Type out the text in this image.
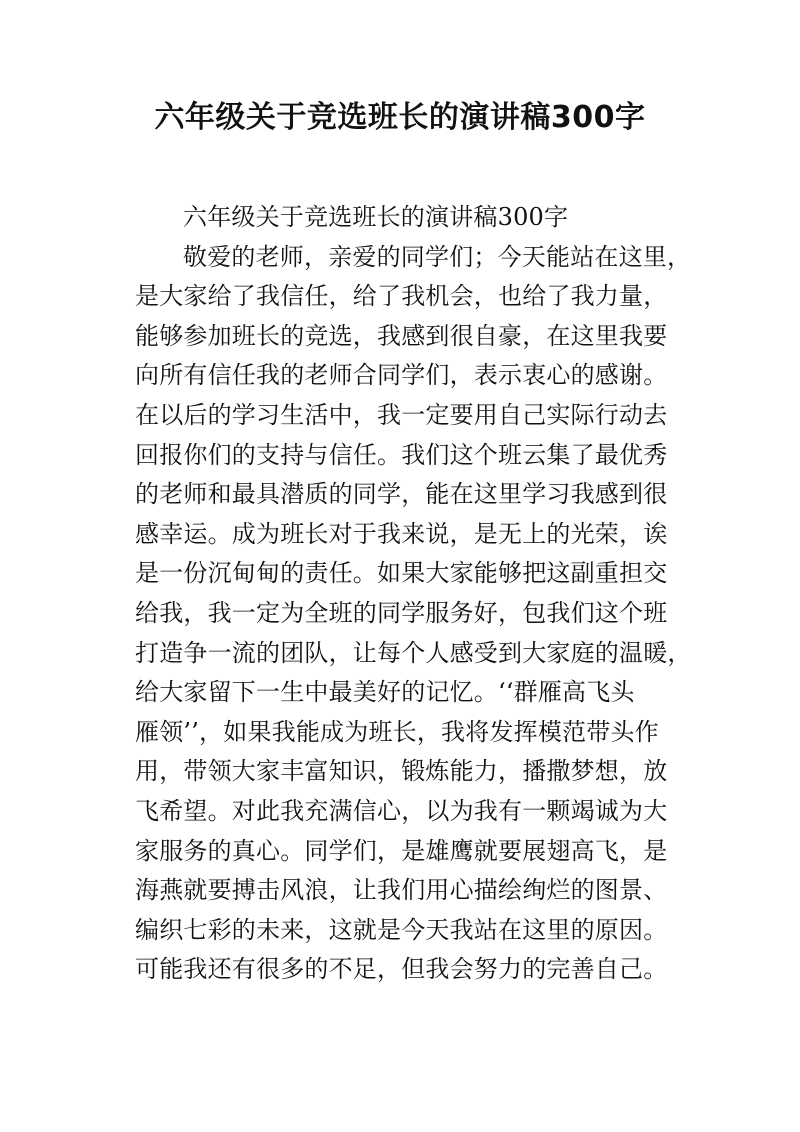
六年级关于竞选班长的演讲稿300字
六年级关于竞选班长的演讲稿300字
敬爱的老师，亲爱的同学们；今天能站在这里，
是大家给了我信任，给了我机会，也给了我力量，
能够参加班长的竞选，我感到很自豪，在这里我要
向所有信任我的老师合同学们，表示衷心的感谢。
在以后的学习生活中，我一定要用自己实际行动去
回报你们的支持与信任。我们这个班云集了最优秀
的老师和最具潜质的同学，能在这里学习我感到很
感幸运。成为班长对于我来说，是无上的光荣，诶
是一份沉甸甸的责任。如果大家能够把这副重担交
给我，我一定为全班的同学服务好，包我们这个班
打造争一流的团队，让每个人感受到大家庭的温暖，
给大家留下一生中最美好的记忆。‘‘群雁高飞头
雁领’’，如果我能成为班长，我将发挥模范带头作
用，带领大家丰富知识，锻炼能力，播撒梦想，放
飞希望。对此我充满信心，以为我有一颗竭诚为大
家服务的真心。同学们，是雄鹰就要展翅高飞，是
海燕就要搏击风浪，让我们用心描绘绚烂的图景、
编织七彩的未来，这就是今天我站在这里的原因。
可能我还有很多的不足，但我会努力的完善自己。
